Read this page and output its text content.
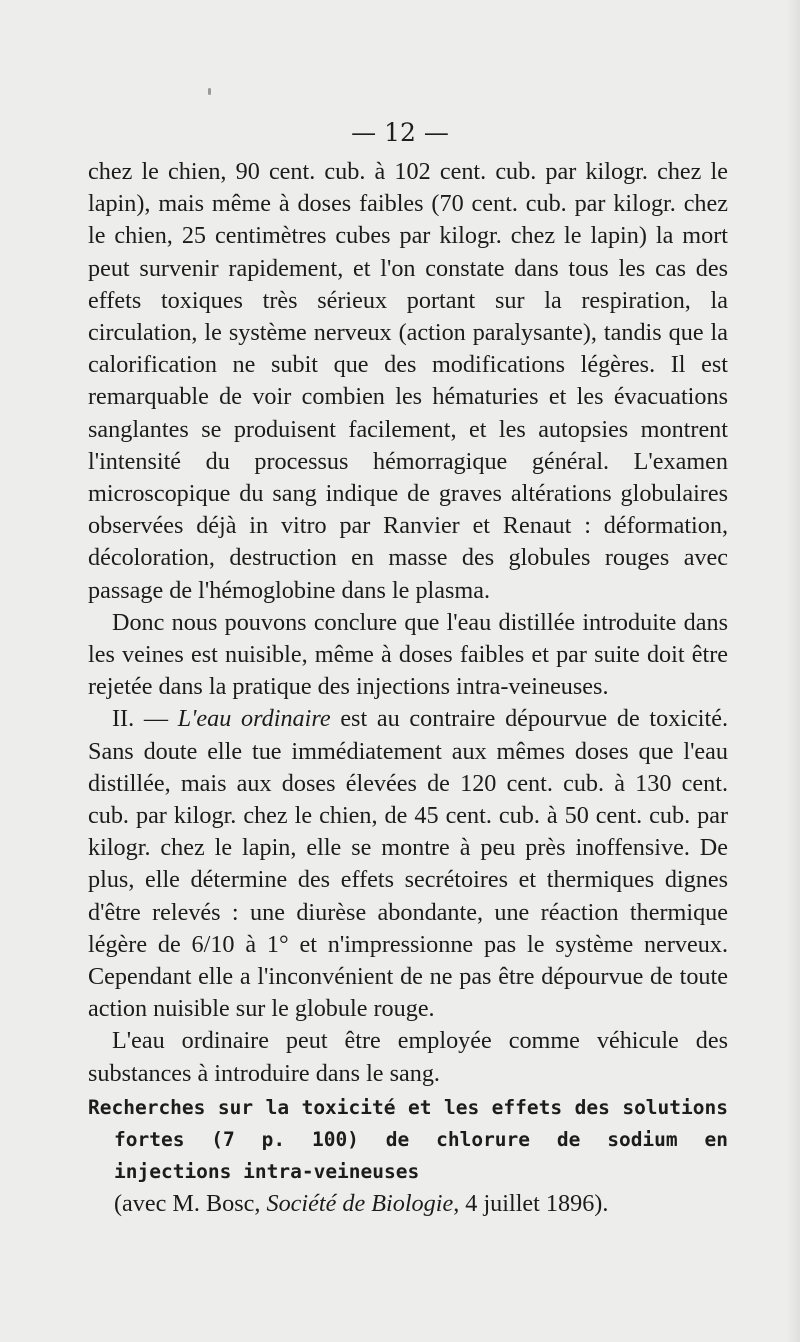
— 12 —

chez le chien, 90 cent. cub. à 102 cent. cub. par kilogr. chez le lapin), mais même à doses faibles (70 cent. cub. par kilogr. chez le chien, 25 centimètres cubes par kilogr. chez le lapin) la mort peut survenir rapidement, et l'on constate dans tous les cas des effets toxiques très sérieux portant sur la respiration, la circulation, le système nerveux (action paralysante), tandis que la calorification ne subit que des modifications légères. Il est remarquable de voir combien les hématuries et les évacuations sanglantes se produisent facilement, et les autopsies montrent l'intensité du processus hémorragique général. L'examen microscopique du sang indique de graves altérations globulaires observées déjà in vitro par Ranvier et Renaut : déformation, décoloration, destruction en masse des globules rouges avec passage de l'hémoglobine dans le plasma.

Donc nous pouvons conclure que l'eau distillée introduite dans les veines est nuisible, même à doses faibles et par suite doit être rejetée dans la pratique des injections intra-veineuses.

II. — L'eau ordinaire est au contraire dépourvue de toxicité. Sans doute elle tue immédiatement aux mêmes doses que l'eau distillée, mais aux doses élevées de 120 cent. cub. à 130 cent. cub. par kilogr. chez le chien, de 45 cent. cub. à 50 cent. cub. par kilogr. chez le lapin, elle se montre à peu près inoffensive. De plus, elle détermine des effets secrétoires et thermiques dignes d'être relevés : une diurèse abondante, une réaction thermique légère de 6/10 à 1° et n'impressionne pas le système nerveux. Cependant elle a l'inconvénient de ne pas être dépourvue de toute action nuisible sur le globule rouge.

L'eau ordinaire peut être employée comme véhicule des substances à introduire dans le sang.

Recherches sur la toxicité et les effets des solutions fortes (7 p. 100) de chlorure de sodium en injections intra-veineuses

(avec M. Bosc, Société de Biologie, 4 juillet 1896).
